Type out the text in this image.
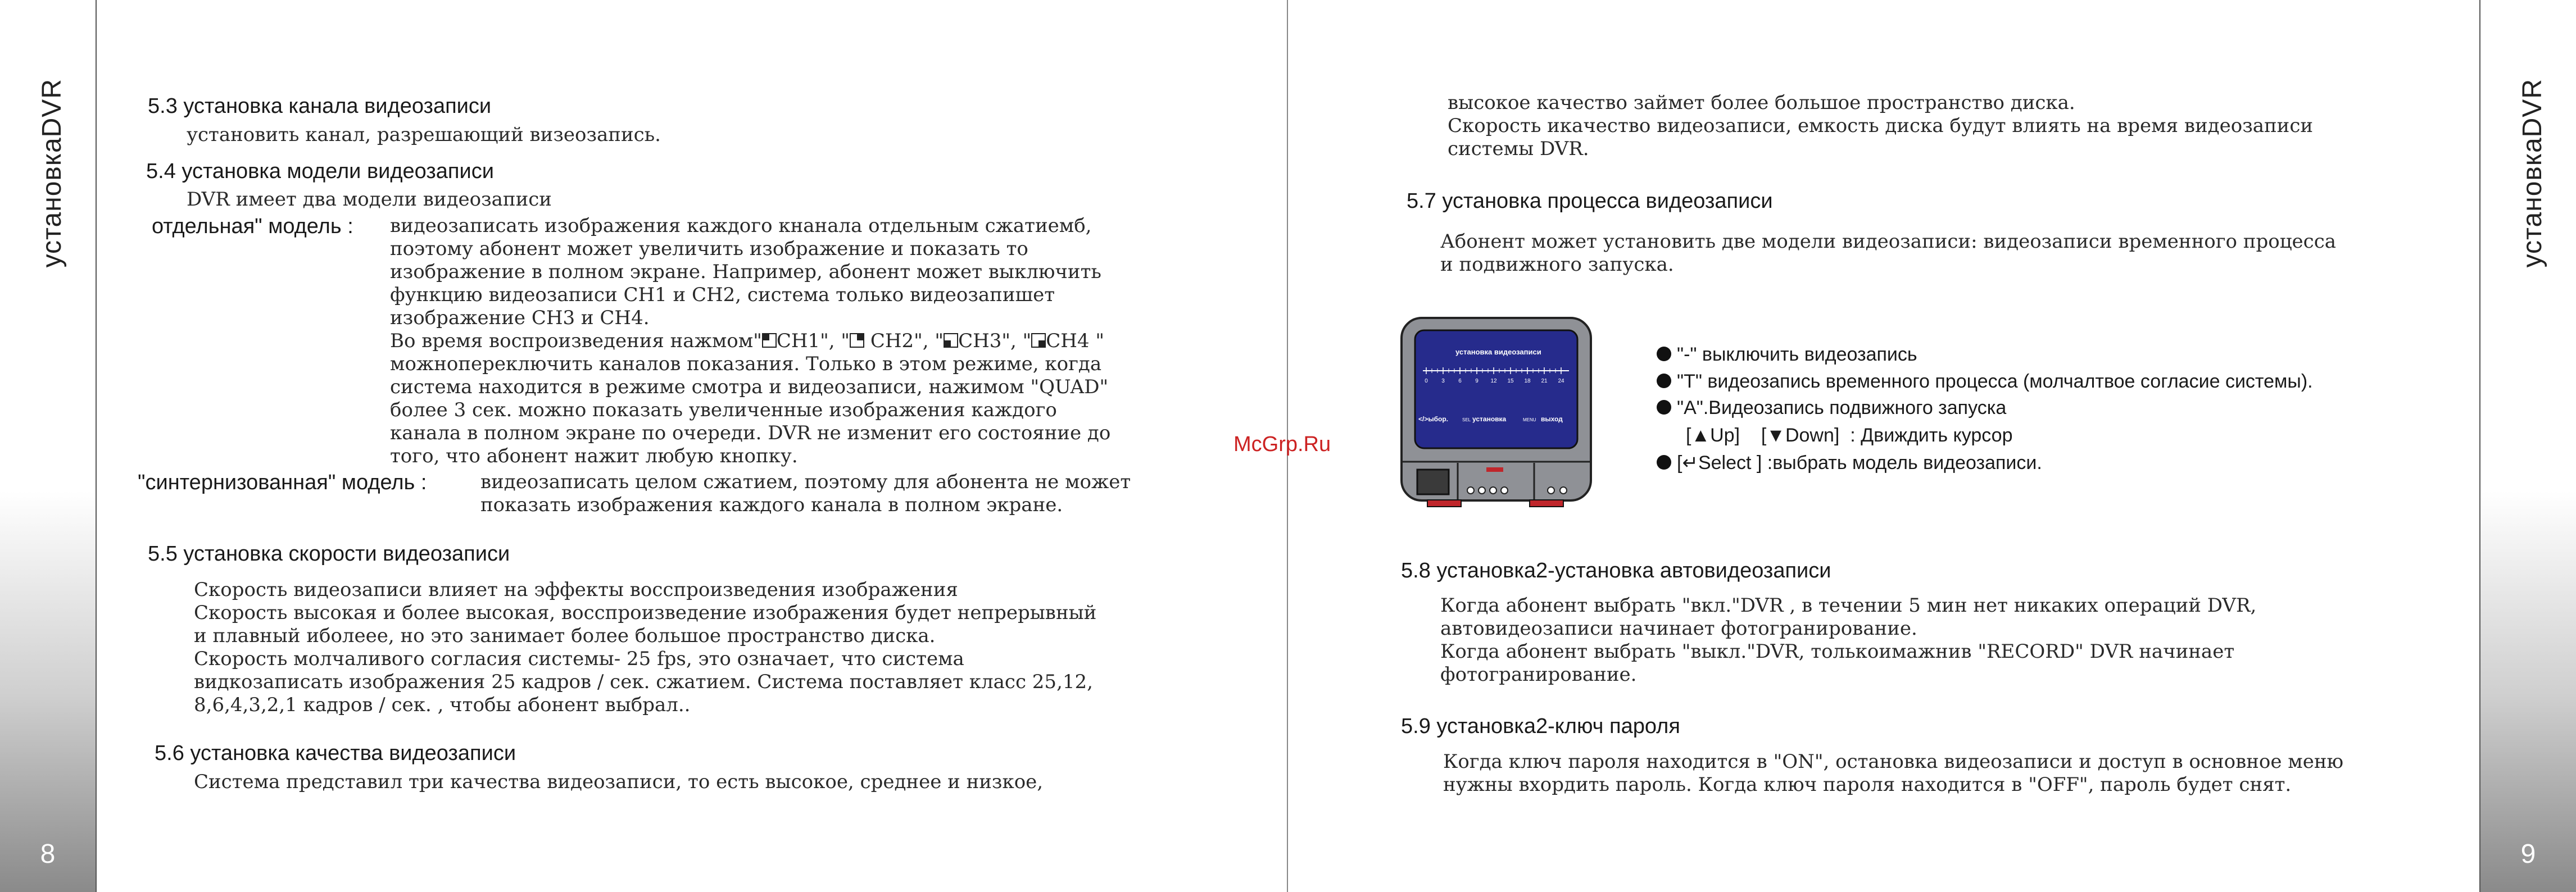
установкаDVR
8
установкаDVR
9
McGrp.Ru
5.3 установка канала видеозаписи
установить канал, разрешающий визеозапись.
5.4 установка модели видеозаписи
DVR имеет два модели видеозаписи
отдельная" модель : видеозаписать изображения каждого кнанала отдельным сжатиемб,
поэтому абонент может увеличить изображение и показать то
изображение в полном экране. Например, абонент может выключить
функцию видеозаписи CH1 и CH2, система только видеозапишет
изображение CH3 и CH4.
Во время воспроизведения нажмом" CH1", " CH2", " CH3", " CH4 "
можнопереключить каналов показания. Только в этом режиме, когда
система находится в режиме смотра и видеозаписи, нажимом "QUAD"
более 3 сек. можно показать увеличенные изображения каждого
канала в полном экране по очереди. DVR не изменит его состояние до
того, что абонент нажит любую кнопку.
"синтернизованная" модель :	видеозаписать целом сжатием, поэтому для абонента не может
показать изображения каждого канала в полном экране.
5.5 установка скорости видеозаписи
Скорость видеозаписи влияет на эффекты восспроизведения изображения
Скорость высокая и более высокая, восспроизведение изображения будет непрерывный
и плавный иболеее, но это занимает более большое пространство диска.
Скорость молчаливого согласия системы- 25 fps, это означает, что система
видкозаписать изображения 25 кадров / сек. сжатием. Система поставляет класс 25,12,
8,6,4,3,2,1 кадров / сек. , чтобы абонент выбрал..
5.6 установка качества видеозаписи
Система представил три качества видеозаписи, то есть высокое, среднее и низкое,
высокое качество займет более большое пространство диска.
Скорость икачество видеозаписи, емкость диска будут влиять на время видеозаписи
системы DVR.
5.7 установка процесса видеозаписи
Абонент может установить две модели видеозаписи: видеозаписи временного процесса
и подвижного запуска.
установка видеозаписи
0 3 6 9 12 15 18 21 24
</>ыбор.	SEL установка	MENU выход
"-" выключить видеозапись
"T" видеозапись временного процесса (молчалтвое согласие системы).
"A".Видеозапись подвижного запуска
[▲Up] [▼Down] : Движдить курсор
[↵Select ] :выбрать модель видеозаписи.
5.8 установка2-установка автовидеозаписи
Когда абонент выбрать "вкл."DVR , в течении 5 мин нет никаких операций DVR,
автовидеозаписи начинает фотогранирование.
Когда абонент выбрать "выкл."DVR, толькоимажнив "RECORD" DVR начинает
фотогранирование.
5.9 установка2-ключ пароля
Когда ключ пароля находится в "ON", остановка видеозаписи и доступ в основное меню
нужны вхордить пароль. Когда ключ пароля находится в "OFF", пароль будет снят.
